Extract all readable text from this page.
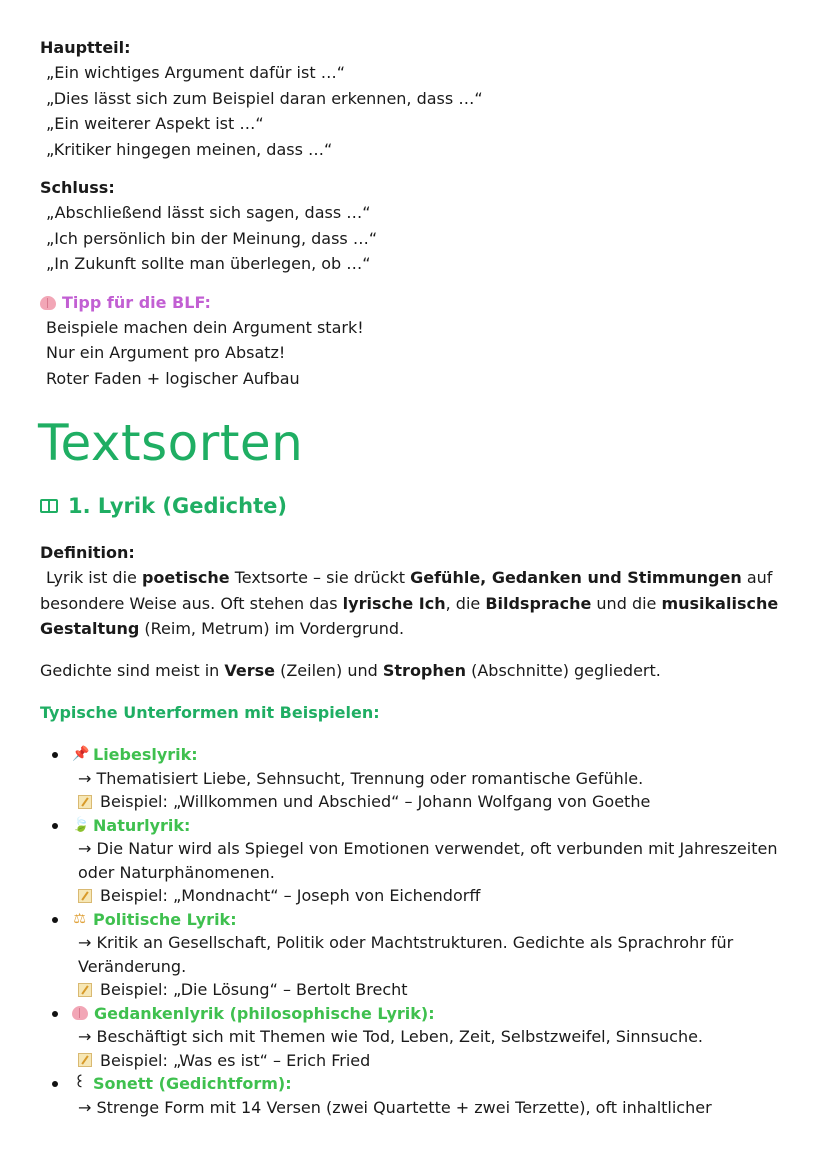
Hauptteil:

„Ein wichtiges Argument dafür ist …“

„Dies lässt sich zum Beispiel daran erkennen, dass …“

„Ein weiterer Aspekt ist …“

„Kritiker hingegen meinen, dass …“

Schluss:

„Abschließend lässt sich sagen, dass …“

„Ich persönlich bin der Meinung, dass …“

„In Zukunft sollte man überlegen, ob …“

Tipp für die BLF:

Beispiele machen dein Argument stark!

Nur ein Argument pro Absatz!

Roter Faden + logischer Aufbau

Textsorten
1. Lyrik (Gedichte)

Definition:

Lyrik ist die poetische Textsorte – sie drückt Gefühle, Gedanken und Stimmungen auf besondere Weise aus. Oft stehen das lyrische Ich, die Bildsprache und die musikalische Gestaltung (Reim, Metrum) im Vordergrund.

Gedichte sind meist in Verse (Zeilen) und Strophen (Abschnitte) gegliedert.

Typische Unterformen mit Beispielen:

📌 Liebeslyrik:
→ Thematisiert Liebe, Sehnsucht, Trennung oder romantische Gefühle.
Beispiel: „Willkommen und Abschied“ – Johann Wolfgang von Goethe
🍃 Naturlyrik:
→ Die Natur wird als Spiegel von Emotionen verwendet, oft verbunden mit Jahreszeiten oder Naturphänomenen.
Beispiel: „Mondnacht“ – Joseph von Eichendorff
⚖ Politische Lyrik:
→ Kritik an Gesellschaft, Politik oder Machtstrukturen. Gedichte als Sprachrohr für Veränderung.
Beispiel: „Die Lösung“ – Bertolt Brecht
Gedankenlyrik (philosophische Lyrik):
→ Beschäftigt sich mit Themen wie Tod, Leben, Zeit, Selbstzweifel, Sinnsuche.
Beispiel: „Was es ist“ – Erich Fried
꒰ Sonett (Gedichtform):
→ Strenge Form mit 14 Versen (zwei Quartette + zwei Terzette), oft inhaltlicher
